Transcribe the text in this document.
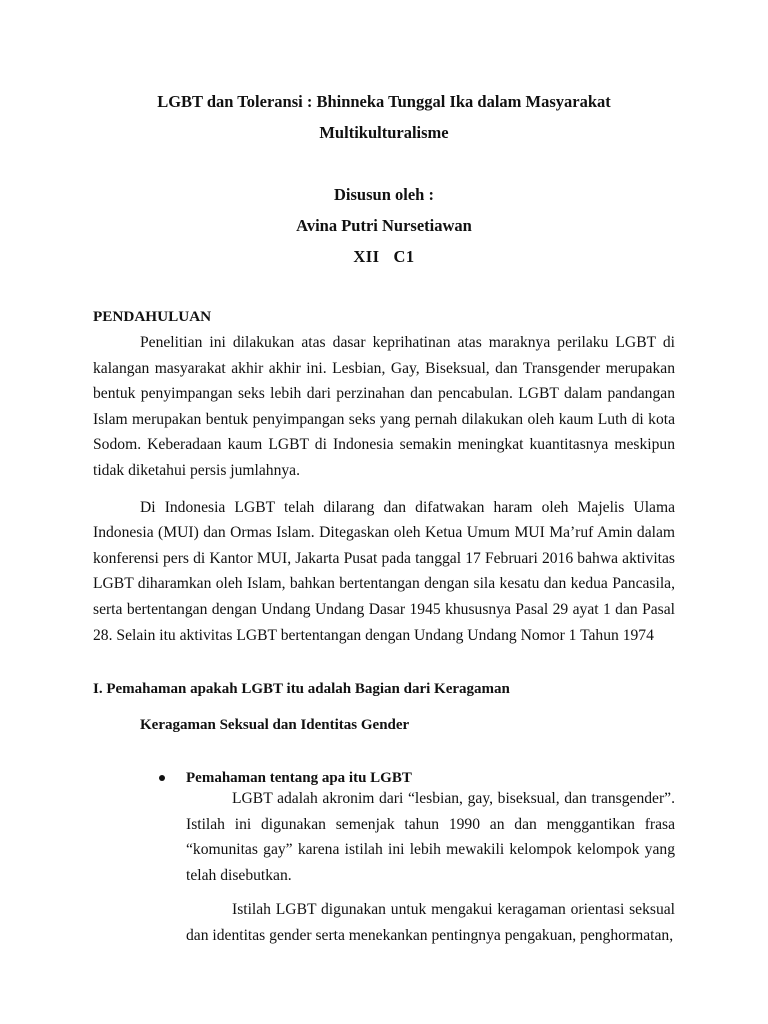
LGBT dan Toleransi : Bhinneka Tunggal Ika dalam Masyarakat
Multikulturalisme
Disusun oleh :
Avina Putri Nursetiawan
XII   C1

PENDAHULUAN

Penelitian ini dilakukan atas dasar keprihatinan atas maraknya perilaku LGBT di kalangan masyarakat akhir akhir ini. Lesbian, Gay, Biseksual, dan Transgender merupakan bentuk penyimpangan seks lebih dari perzinahan dan pencabulan. LGBT dalam pandangan Islam merupakan bentuk penyimpangan seks yang pernah dilakukan oleh kaum Luth di kota Sodom. Keberadaan kaum LGBT di Indonesia semakin meningkat kuantitasnya meskipun tidak diketahui persis jumlahnya.

Di Indonesia LGBT telah dilarang dan difatwakan haram oleh Majelis Ulama Indonesia (MUI) dan Ormas Islam. Ditegaskan oleh Ketua Umum MUI Ma’ruf Amin dalam konferensi pers di Kantor MUI, Jakarta Pusat pada tanggal 17 Februari 2016 bahwa aktivitas LGBT diharamkan oleh Islam, bahkan bertentangan dengan sila kesatu dan kedua Pancasila, serta bertentangan dengan Undang Undang Dasar 1945 khususnya Pasal 29 ayat 1 dan Pasal 28. Selain itu aktivitas LGBT bertentangan dengan Undang Undang Nomor 1 Tahun 1974

I. Pemahaman apakah LGBT itu adalah Bagian dari Keragaman
Keragaman Seksual dan Identitas Gender
Pemahaman tentang apa itu LGBT

LGBT adalah akronim dari “lesbian, gay, biseksual, dan transgender”. Istilah ini digunakan semenjak tahun 1990 an dan menggantikan frasa “komunitas gay” karena istilah ini lebih mewakili kelompok kelompok yang telah disebutkan.

Istilah LGBT digunakan untuk mengakui keragaman orientasi seksual dan identitas gender serta menekankan pentingnya pengakuan, penghormatan,
